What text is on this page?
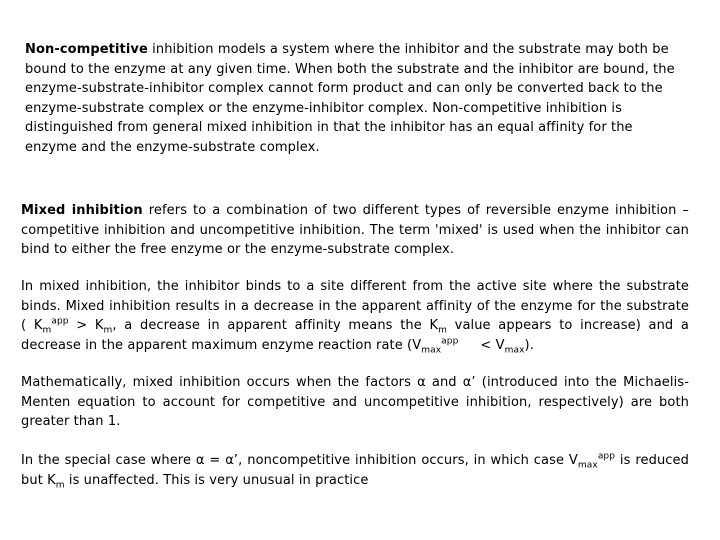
Non-competitive inhibition models a system where the inhibitor and the substrate may both be bound to the enzyme at any given time. When both the substrate and the inhibitor are bound, the enzyme-substrate-inhibitor complex cannot form product and can only be converted back to the enzyme-substrate complex or the enzyme-inhibitor complex. Non-competitive inhibition is distinguished from general mixed inhibition in that the inhibitor has an equal affinity for the enzyme and the enzyme-substrate complex.
Mixed inhibition refers to a combination of two different types of reversible enzyme inhibition – competitive inhibition and uncompetitive inhibition. The term 'mixed' is used when the inhibitor can bind to either the free enzyme or the enzyme-substrate complex.
In mixed inhibition, the inhibitor binds to a site different from the active site where the substrate binds. Mixed inhibition results in a decrease in the apparent affinity of the enzyme for the substrate ( $K_m^{app} > K_m$, a decrease in apparent affinity means the $K_m$ value appears to increase) and a decrease in the apparent maximum enzyme reaction rate $(V_{max}^{app} < V_{max})$.
Mathematically, mixed inhibition occurs when the factors α and α’ (introduced into the Michaelis-Menten equation to account for competitive and uncompetitive inhibition, respectively) are both greater than 1.
In the special case where α = α’, noncompetitive inhibition occurs, in which case $V_{max}^{app}$ is reduced but $K_m$ is unaffected. This is very unusual in practice
